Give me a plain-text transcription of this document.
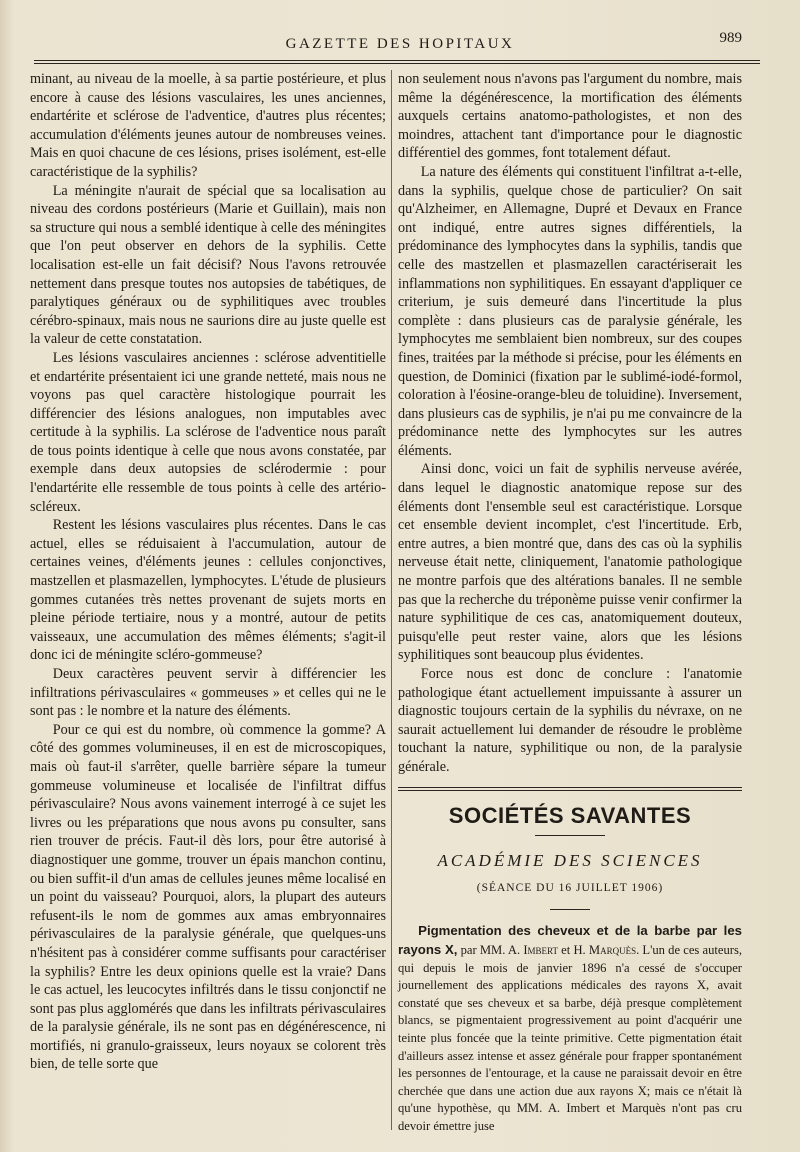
GAZETTE DES HOPITAUX	989

minant, au niveau de la moelle, à sa partie postérieure, et plus encore à cause des lésions vasculaires, les unes anciennes, endartérite et sclérose de l'adventice, d'autres plus récentes; accumulation d'éléments jeunes autour de nombreuses veines. Mais en quoi chacune de ces lésions, prises isolément, est-elle caractéristique de la syphilis?

La méningite n'aurait de spécial que sa localisation au niveau des cordons postérieurs (Marie et Guillain), mais non sa structure qui nous a semblé identique à celle des méningites que l'on peut observer en dehors de la syphilis. Cette localisation est-elle un fait décisif? Nous l'avons retrouvée nettement dans presque toutes nos autopsies de tabétiques, de paralytiques généraux ou de syphilitiques avec troubles cérébro-spinaux, mais nous ne saurions dire au juste quelle est la valeur de cette constatation.

Les lésions vasculaires anciennes : sclérose adventitielle et endartérite présentaient ici une grande netteté, mais nous ne voyons pas quel caractère histologique pourrait les différencier des lésions analogues, non imputables avec certitude à la syphilis. La sclérose de l'adventice nous paraît de tous points identique à celle que nous avons constatée, par exemple dans deux autopsies de sclérodermie : pour l'endartérite elle ressemble de tous points à celle des artério-scléreux.

Restent les lésions vasculaires plus récentes. Dans le cas actuel, elles se réduisaient à l'accumulation, autour de certaines veines, d'éléments jeunes : cellules conjonctives, mastzellen et plasmazellen, lymphocytes. L'étude de plusieurs gommes cutanées très nettes provenant de sujets morts en pleine période tertiaire, nous y a montré, autour de petits vaisseaux, une accumulation des mêmes éléments; s'agit-il donc ici de méningite scléro-gommeuse?

Deux caractères peuvent servir à différencier les infiltrations périvasculaires « gommeuses » et celles qui ne le sont pas : le nombre et la nature des éléments.

Pour ce qui est du nombre, où commence la gomme? A côté des gommes volumineuses, il en est de microscopiques, mais où faut-il s'arrêter, quelle barrière sépare la tumeur gommeuse volumineuse et localisée de l'infiltrat diffus périvasculaire? Nous avons vainement interrogé à ce sujet les livres ou les préparations que nous avons pu consulter, sans rien trouver de précis. Faut-il dès lors, pour être autorisé à diagnostiquer une gomme, trouver un épais manchon continu, ou bien suffit-il d'un amas de cellules jeunes même localisé en un point du vaisseau? Pourquoi, alors, la plupart des auteurs refusent-ils le nom de gommes aux amas embryonnaires périvasculaires de la paralysie générale, que quelques-uns n'hésitent pas à considérer comme suffisants pour caractériser la syphilis? Entre les deux opinions quelle est la vraie? Dans le cas actuel, les leucocytes infiltrés dans le tissu conjonctif ne sont pas plus agglomérés que dans les infiltrats périvasculaires de la paralysie générale, ils ne sont pas en dégénérescence, ni mortifiés, ni granulo-graisseux, leurs noyaux se colorent très bien, de telle sorte que

non seulement nous n'avons pas l'argument du nombre, mais même la dégénérescence, la mortification des éléments auxquels certains anatomo-pathologistes, et non des moindres, attachent tant d'importance pour le diagnostic différentiel des gommes, font totalement défaut.

La nature des éléments qui constituent l'infiltrat a-t-elle, dans la syphilis, quelque chose de particulier? On sait qu'Alzheimer, en Allemagne, Dupré et Devaux en France ont indiqué, entre autres signes différentiels, la prédominance des lymphocytes dans la syphilis, tandis que celle des mastzellen et plasmazellen caractériserait les inflammations non syphilitiques. En essayant d'appliquer ce criterium, je suis demeuré dans l'incertitude la plus complète : dans plusieurs cas de paralysie générale, les lymphocytes me semblaient bien nombreux, sur des coupes fines, traitées par la méthode si précise, pour les éléments en question, de Dominici (fixation par le sublimé-iodé-formol, coloration à l'éosine-orange-bleu de toluidine). Inversement, dans plusieurs cas de syphilis, je n'ai pu me convaincre de la prédominance nette des lymphocytes sur les autres éléments.

Ainsi donc, voici un fait de syphilis nerveuse avérée, dans lequel le diagnostic anatomique repose sur des éléments dont l'ensemble seul est caractéristique. Lorsque cet ensemble devient incomplet, c'est l'incertitude. Erb, entre autres, a bien montré que, dans des cas où la syphilis nerveuse était nette, cliniquement, l'anatomie pathologique ne montre parfois que des altérations banales. Il ne semble pas que la recherche du tréponème puisse venir confirmer la nature syphilitique de ces cas, anatomiquement douteux, puisqu'elle peut rester vaine, alors que les lésions syphilitiques sont beaucoup plus évidentes.

Force nous est donc de conclure : l'anatomie pathologique étant actuellement impuissante à assurer un diagnostic toujours certain de la syphilis du névraxe, on ne saurait actuellement lui demander de résoudre le problème touchant la nature, syphilitique ou non, de la paralysie générale.

SOCIÉTÉS SAVANTES
ACADÉMIE DES SCIENCES
(SÉANCE DU 16 JUILLET 1906)

Pigmentation des cheveux et de la barbe par les rayons X, par MM. A. Imbert et H. Marquès. L'un de ces auteurs, qui depuis le mois de janvier 1896 n'a cessé de s'occuper journellement des applications médicales des rayons X, avait constaté que ses cheveux et sa barbe, déjà presque complètement blancs, se pigmentaient progressivement au point d'acquérir une teinte plus foncée que la teinte primitive. Cette pigmentation était d'ailleurs assez intense et assez générale pour frapper spontanément les personnes de l'entourage, et la cause ne paraissait devoir en être cherchée que dans une action due aux rayons X; mais ce n'était là qu'une hypothèse, qu MM. A. Imbert et Marquès n'ont pas cru devoir émettre juse
